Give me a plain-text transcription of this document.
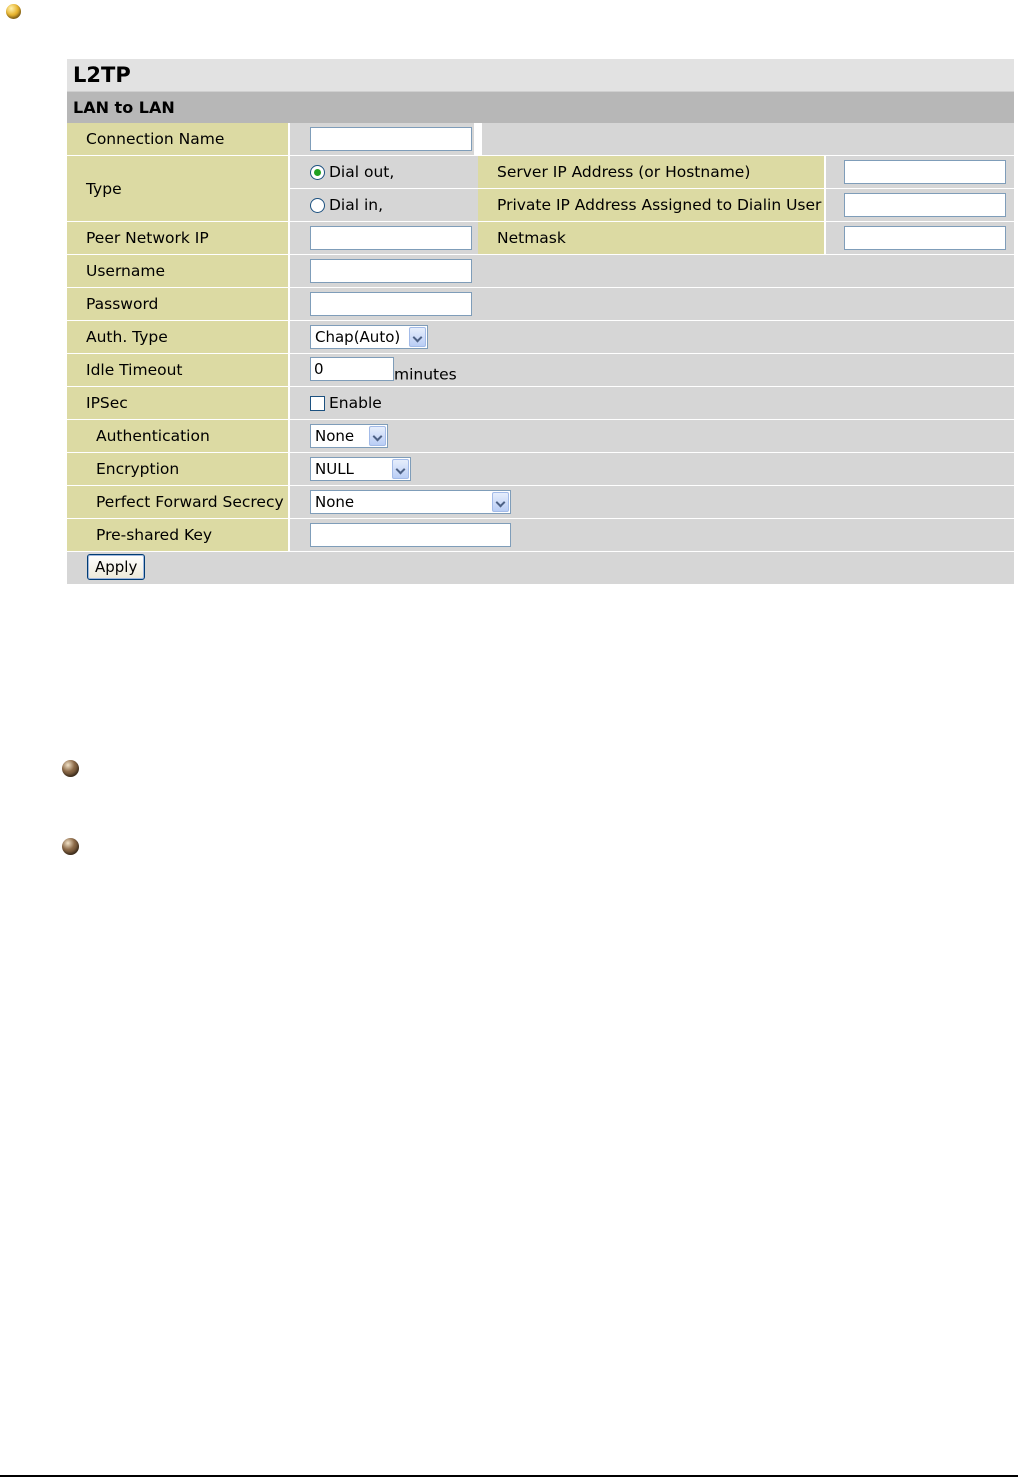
L2TP
LAN to LAN
Connection Name			
Type	Dial out,	Server IP Address (or Hostname)	
	Dial in,	Private IP Address Assigned to Dialin User	
Peer Network IP		Netmask	
Username			
Password			
Auth. Type	Chap(Auto)		

Idle Timeout	0 minutes		
IPSec	Enable		
Authentication	None		

Encryption	NULL		

Perfect Forward Secrecy	None		

Pre-shared Key			
Apply			
